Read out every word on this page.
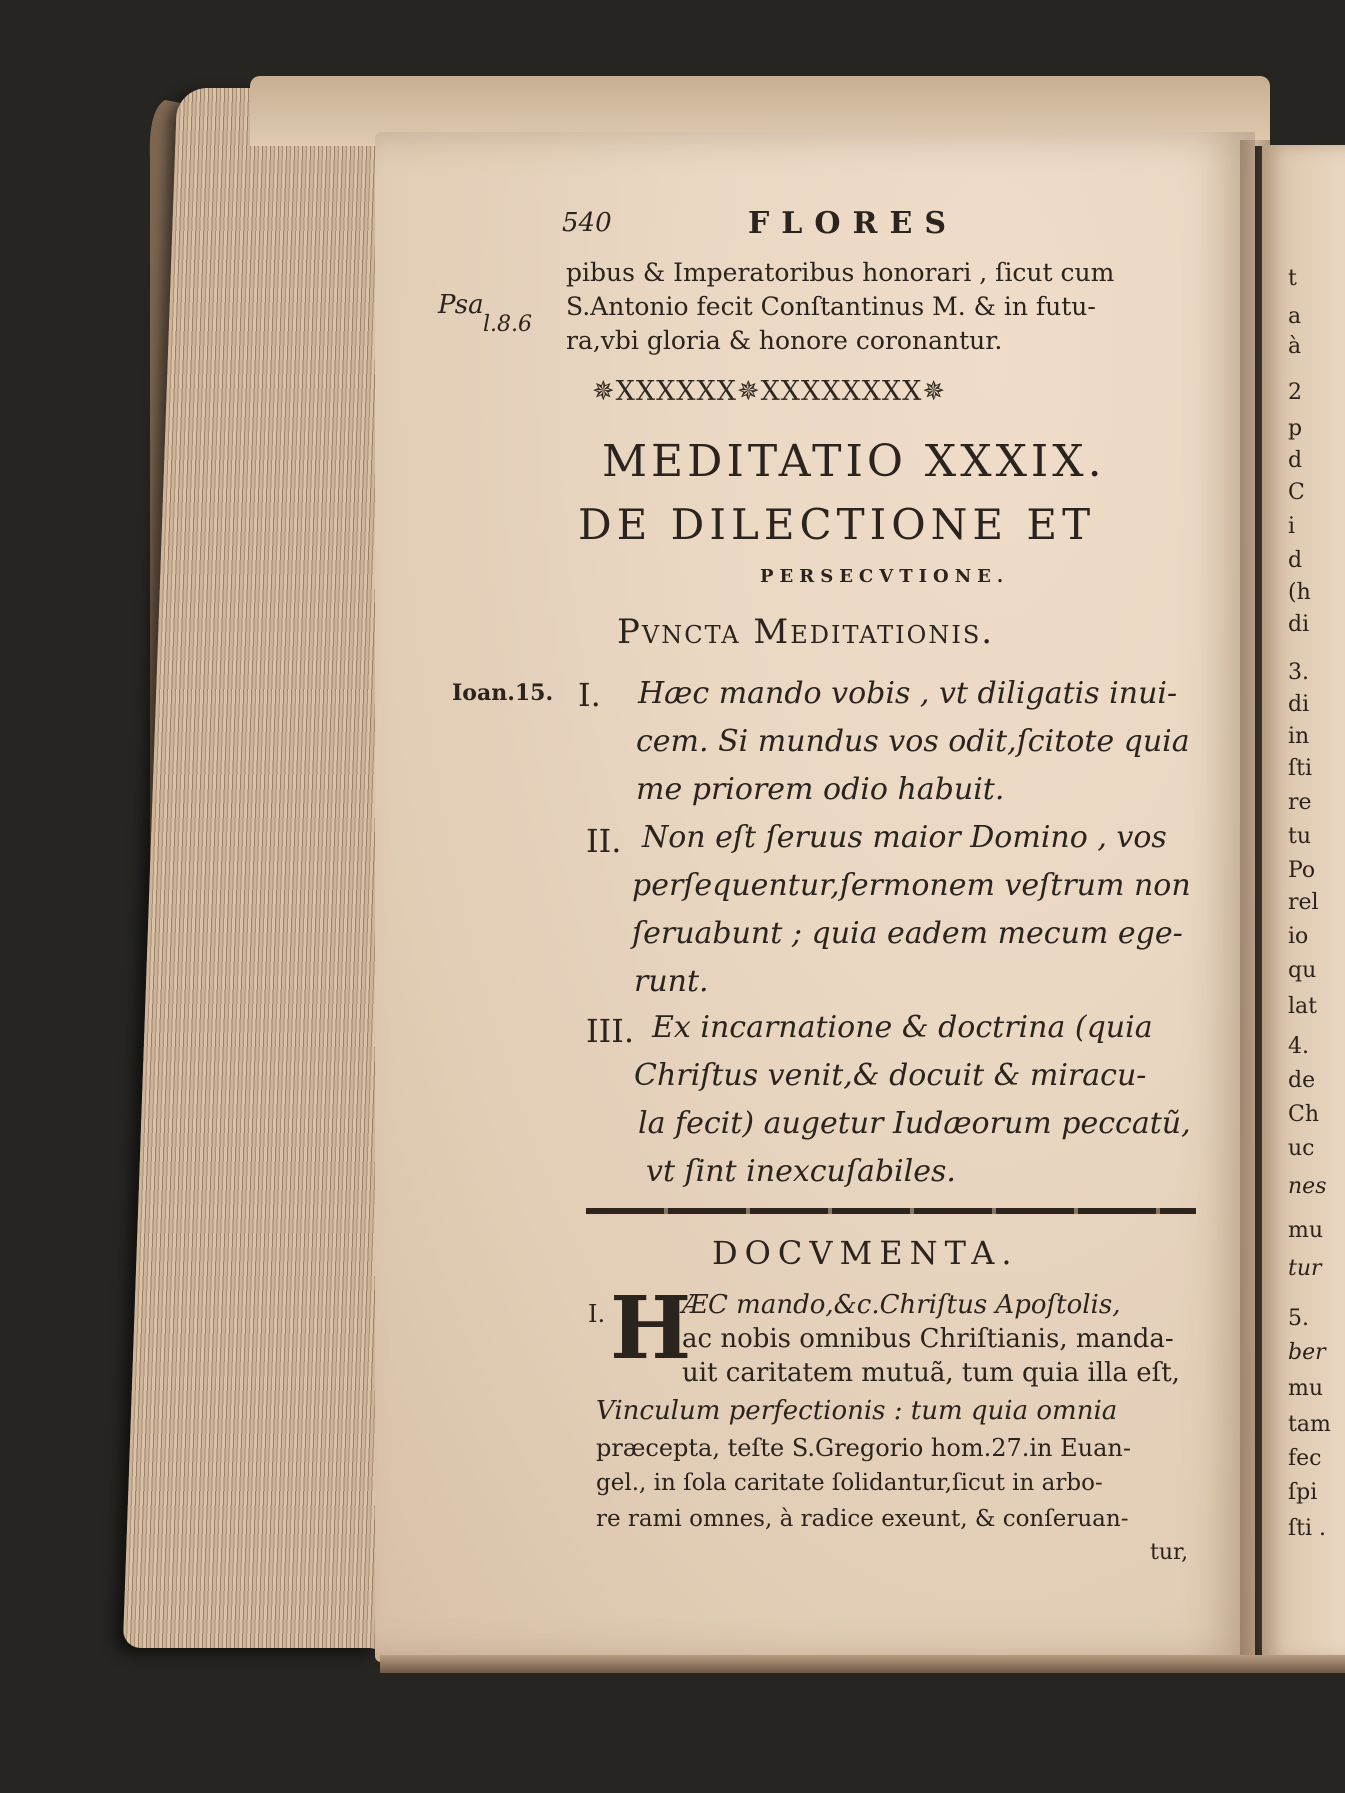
540	FLORES
Psa
l.8.6
Ioan.15.
pibus & Imperatoribus honorari , ſicut cum
S.Antonio fecit Conſtantinus M. & in futu-
ra,vbi gloria & honore coronantur.
✵XXXXXX✵XXXXXXXX✵
MEDITATIO XXXIX.
DE DILECTIONE ET
PERSECVTIONE.
Pvncta Meditationis.
I. Hæc mando vobis , vt diligatis inui-
cem. Si mundus vos odit,ſcitote quia
me priorem odio habuit.
II. Non eſt ſeruus maior Domino , vos
perſequentur,ſermonem veſtrum non
ſeruabunt ; quia eadem mecum ege-
runt.
III. Ex incarnatione & doctrina (quia
Chriſtus venit,& docuit & miracu-
la fecit) augetur Iudæorum peccatũ,
vt ſint inexcuſabiles.
DOCVMENTA.
I. H
ÆC mando,&c.Chriſtus Apoſtolis,
ac nobis omnibus Chriſtianis, manda-
uit caritatem mutuã, tum quia illa eſt,
Vinculum perfectionis : tum quia omnia
præcepta, teſte S.Gregorio hom.27.in Euan-
gel., in ſola caritate ſolidantur,ſicut in arbo-
re rami omnes, à radice exeunt, & conſeruan-
tur,
t
a
à
2
p
d
C
i
d
(h
di
3.
di
in
ſti
re
tu
Po
rel
io
qu
lat
4.
de
Ch
uc
nes
mu
tur
5.
ber
mu
tam
fec
ſpi
ſti .
